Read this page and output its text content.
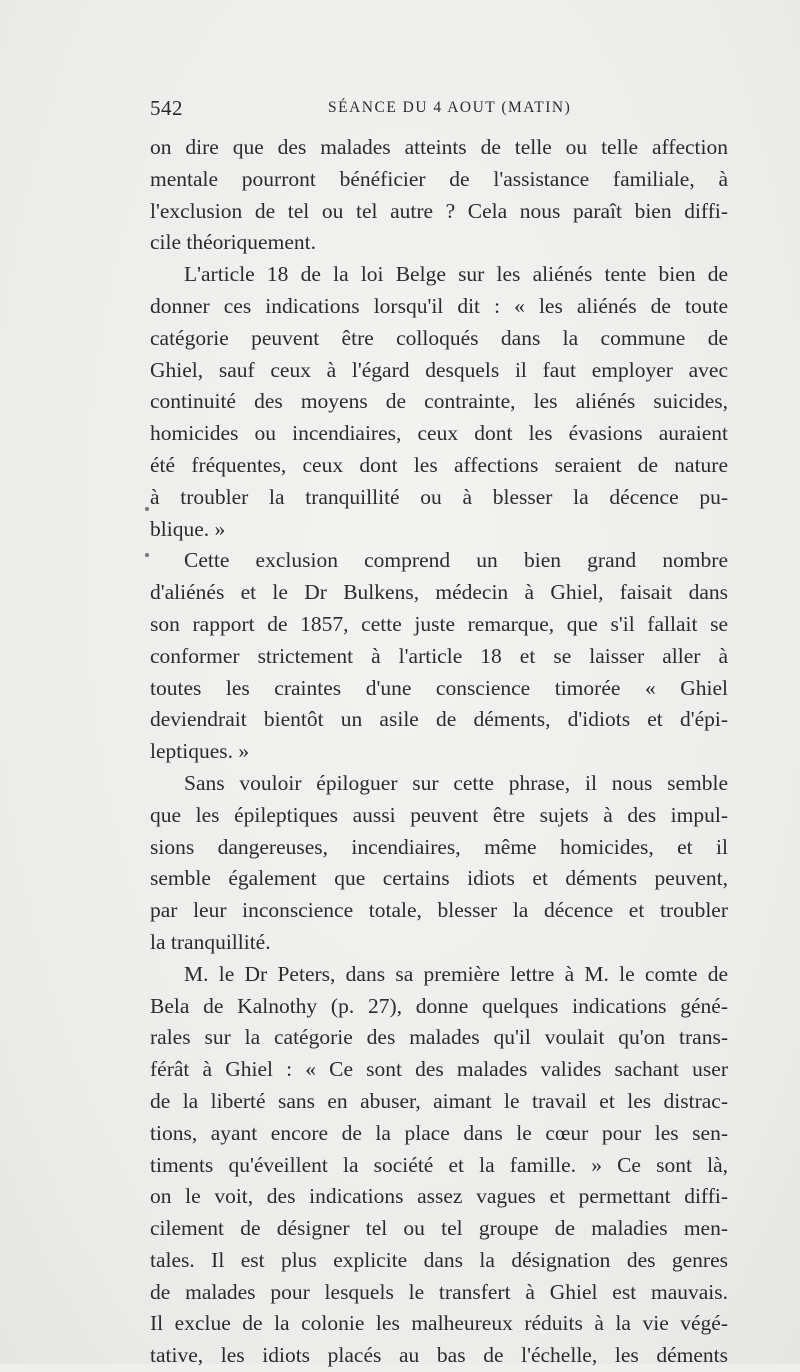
542	SÉANCE DU 4 AOUT (MATIN)
on dire que des malades atteints de telle ou telle affection
mentale pourront bénéficier de l'assistance familiale, à
l'exclusion de tel ou tel autre ? Cela nous paraît bien diffi-
cile théoriquement.
L'article 18 de la loi Belge sur les aliénés tente bien de
donner ces indications lorsqu'il dit : « les aliénés de toute
catégorie peuvent être colloqués dans la commune de
Ghiel, sauf ceux à l'égard desquels il faut employer avec
continuité des moyens de contrainte, les aliénés suicides,
homicides ou incendiaires, ceux dont les évasions auraient
été fréquentes, ceux dont les affections seraient de nature
à troubler la tranquillité ou à blesser la décence pu-
blique. »
Cette exclusion comprend un bien grand nombre
d'aliénés et le Dr Bulkens, médecin à Ghiel, faisait dans
son rapport de 1857, cette juste remarque, que s'il fallait se
conformer strictement à l'article 18 et se laisser aller à
toutes les craintes d'une conscience timorée « Ghiel
deviendrait bientôt un asile de déments, d'idiots et d'épi-
leptiques. »
Sans vouloir épiloguer sur cette phrase, il nous semble
que les épileptiques aussi peuvent être sujets à des impul-
sions dangereuses, incendiaires, même homicides, et il
semble également que certains idiots et déments peuvent,
par leur inconscience totale, blesser la décence et troubler
la tranquillité.
M. le Dr Peters, dans sa première lettre à M. le comte de
Bela de Kalnothy (p. 27), donne quelques indications géné-
rales sur la catégorie des malades qu'il voulait qu'on trans-
férât à Ghiel : « Ce sont des malades valides sachant user
de la liberté sans en abuser, aimant le travail et les distrac-
tions, ayant encore de la place dans le cœur pour les sen-
timents qu'éveillent la société et la famille. » Ce sont là,
on le voit, des indications assez vagues et permettant diffi-
cilement de désigner tel ou tel groupe de maladies men-
tales. Il est plus explicite dans la désignation des genres
de malades pour lesquels le transfert à Ghiel est mauvais.
Il exclue de la colonie les malheureux réduits à la vie végé-
tative, les idiots placés au bas de l'échelle, les déments
